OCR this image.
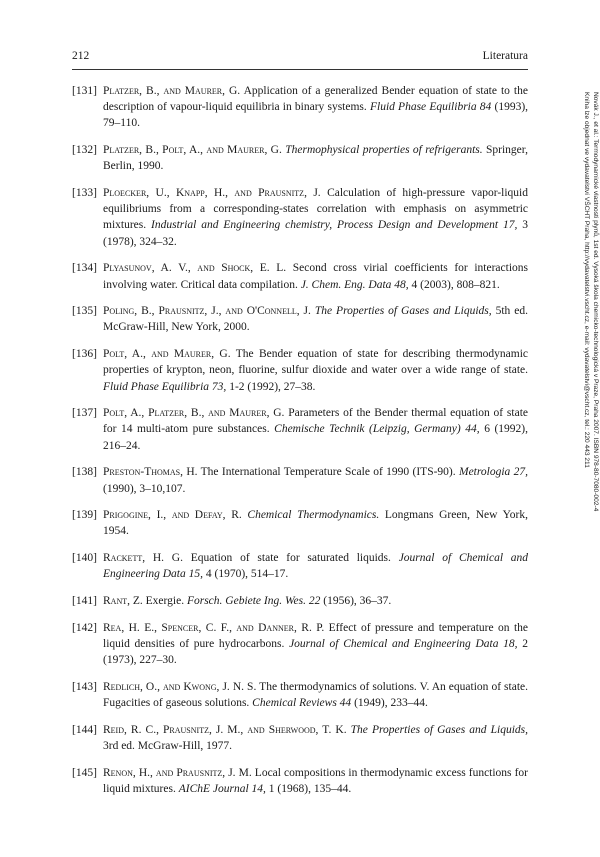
212	Literatura
[131] Platzer, B., and Maurer, G. Application of a generalized Bender equation of state to the description of vapour-liquid equilibria in binary systems. Fluid Phase Equilibria 84 (1993), 79–110.
[132] Platzer, B., Polt, A., and Maurer, G. Thermophysical properties of refrigerants. Springer, Berlin, 1990.
[133] Ploecker, U., Knapp, H., and Prausnitz, J. Calculation of high-pressure vapor-liquid equilibriums from a corresponding-states correlation with emphasis on asymmetric mixtures. Industrial and Engineering chemistry, Process Design and Development 17, 3 (1978), 324–32.
[134] Plyasunov, A. V., and Shock, E. L. Second cross virial coefficients for interactions involving water. Critical data compilation. J. Chem. Eng. Data 48, 4 (2003), 808–821.
[135] Poling, B., Prausnitz, J., and O'Connell, J. The Properties of Gases and Liquids, 5th ed. McGraw-Hill, New York, 2000.
[136] Polt, A., and Maurer, G. The Bender equation of state for describing thermodynamic properties of krypton, neon, fluorine, sulfur dioxide and water over a wide range of state. Fluid Phase Equilibria 73, 1-2 (1992), 27–38.
[137] Polt, A., Platzer, B., and Maurer, G. Parameters of the Bender thermal equation of state for 14 multi-atom pure substances. Chemische Technik (Leipzig, Germany) 44, 6 (1992), 216–24.
[138] Preston-Thomas, H. The International Temperature Scale of 1990 (ITS-90). Metrologia 27, (1990), 3–10,107.
[139] Prigogine, I., and Defay, R. Chemical Thermodynamics. Longmans Green, New York, 1954.
[140] Rackett, H. G. Equation of state for saturated liquids. Journal of Chemical and Engineering Data 15, 4 (1970), 514–17.
[141] Rant, Z. Exergie. Forsch. Gebiete Ing. Wes. 22 (1956), 36–37.
[142] Rea, H. E., Spencer, C. F., and Danner, R. P. Effect of pressure and temperature on the liquid densities of pure hydrocarbons. Journal of Chemical and Engineering Data 18, 2 (1973), 227–30.
[143] Redlich, O., and Kwong, J. N. S. The thermodynamics of solutions. V. An equation of state. Fugacities of gaseous solutions. Chemical Reviews 44 (1949), 233–44.
[144] Reid, R. C., Prausnitz, J. M., and Sherwood, T. K. The Properties of Gases and Liquids, 3rd ed. McGraw-Hill, 1977.
[145] Renon, H., and Prausnitz, J. M. Local compositions in thermodynamic excess functions for liquid mixtures. AIChE Journal 14, 1 (1968), 135–44.
Novák J., et al.: Termodynamické vlastnosti plynů, 1st ed. Vysoká škola chemicko-technologická v Praze, Praha 2007. ISBN 978-80-7080-002-4
Kniha lze objednat ve vydavatelství VŠCHT Praha, http://vydavatelstvi.vscht.cz, e-mail: vydavatelstvi@vscht.cz, tel.: 220 443 211
